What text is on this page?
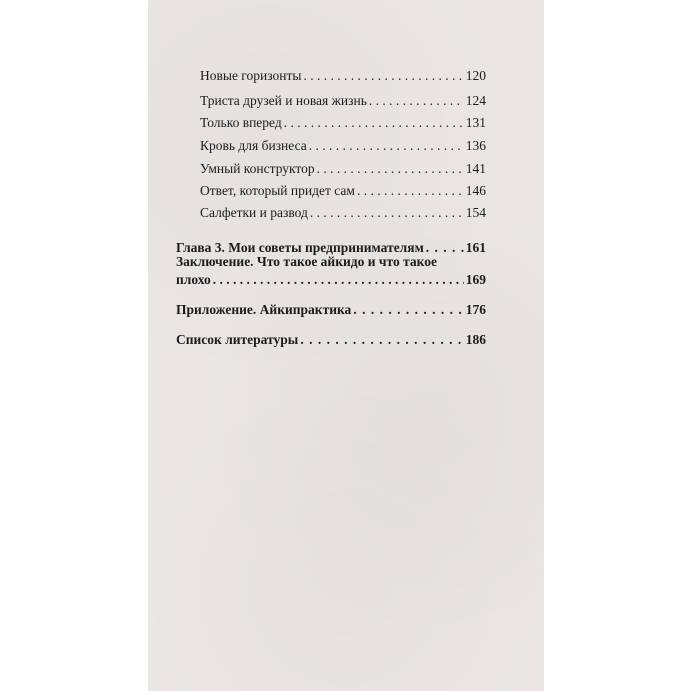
Новые горизонты . . .	120
Триста друзей и новая жизнь . . .	124
Только вперед . . .	131
Кровь для бизнеса . . .	136
Умный конструктор . . .	141
Ответ, который придет сам . . .	146
Салфетки и развод . . .	154
Глава 3. Мои советы предпринимателям . . .	161
Заключение. Что такое айкидо и что такое
плохо . . .	169
Приложение. Айкипрактика . . .	176
Список литературы . . .	186
